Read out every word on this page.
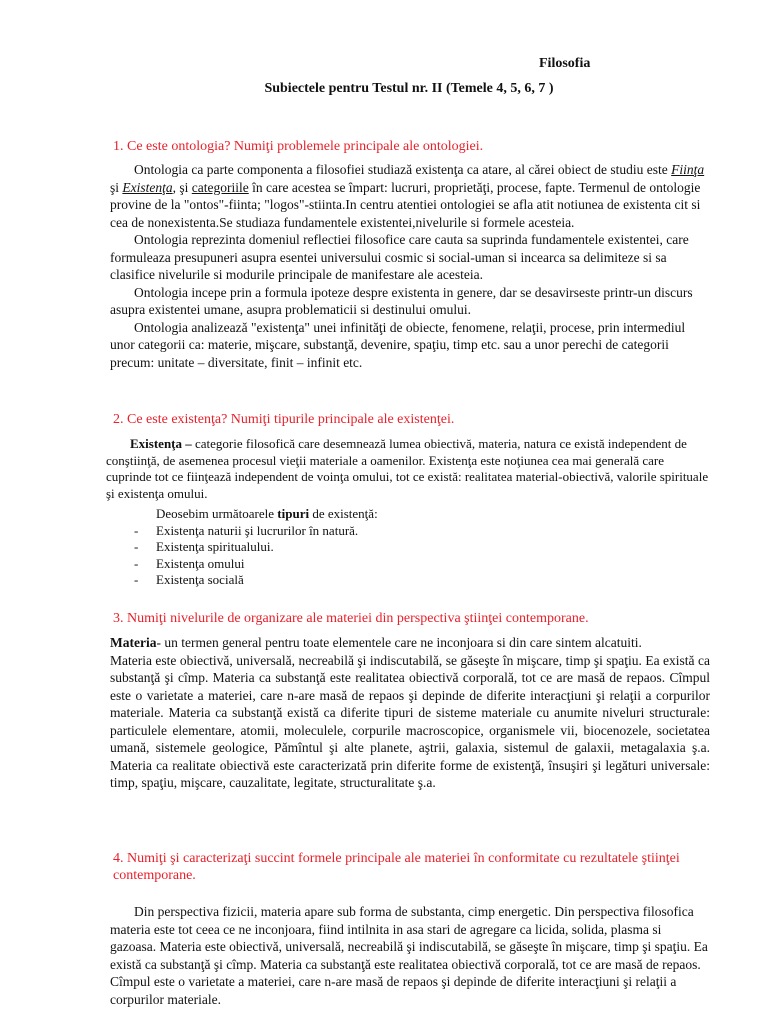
Filosofia
Subiectele pentru Testul nr. II (Temele 4, 5, 6, 7 )
1. Ce este ontologia? Numiţi problemele principale ale ontologiei.

Ontologia ca parte componenta a filosofiei studiază existenţa ca atare, al cărei obiect de studiu este Fiinţa şi Existenţa, şi categoriile în care acestea se împart: lucruri, proprietăţi, procese, fapte. Termenul de ontologie provine de la "ontos"-fiinta; "logos"-stiinta.In centru atentiei ontologiei se afla atit notiunea de existenta cit si cea de nonexistenta.Se studiaza fundamentele existentei,nivelurile si formele acesteia.

Ontologia reprezinta domeniul reflectiei filosofice care cauta sa suprinda fundamentele existentei, care formuleaza presupuneri asupra esentei universului cosmic si social-uman si incearca sa delimiteze si sa clasifice nivelurile si modurile principale de manifestare ale acesteia.

Ontologia incepe prin a formula ipoteze despre existenta in genere, dar se desavirseste printr-un discurs asupra existentei umane, asupra problematicii si destinului omului.

Ontologia analizează "existenţa" unei infinităţi de obiecte, fenomene, relaţii, procese, prin intermediul unor categorii ca: materie, mişcare, substanţă, devenire, spaţiu, timp etc. sau a unor perechi de categorii precum: unitate – diversitate, finit – infinit etc.

2. Ce este existenţa? Numiţi tipurile principale ale existenţei.

Existenţa – categorie filosofică care desemnează lumea obiectivă, materia, natura ce există independent de conştiinţă, de asemenea procesul vieţii materiale a oamenilor. Existenţa este noţiunea cea mai generală care cuprinde tot ce fiinţează independent de voinţa omului, tot ce există: realitatea material-obiectivă, valorile spirituale şi existenţa omului.

Deosebim următoarele tipuri de existenţă:

- Existenţa naturii şi lucrurilor în natură.
- Existenţa spiritualului.
- Existenţa omului
- Existenţa socială
3. Numiţi nivelurile de organizare ale materiei din perspectiva ştiinţei contemporane.

Materia- un termen general pentru toate elementele care ne inconjoara si din care sintem alcatuiti.

Materia este obiectivă, universală, necreabilă şi indiscutabilă, se găseşte în mişcare, timp şi spaţiu. Ea există ca substanţă şi cîmp. Materia ca substanţă este realitatea obiectivă corporală, tot ce are masă de repaos. Cîmpul este o varietate a materiei, care n-are masă de repaos şi depinde de diferite interacţiuni şi relaţii a corpurilor materiale. Materia ca substanţă există ca diferite tipuri de sisteme materiale cu anumite niveluri structurale: particulele elementare, atomii, moleculele, corpurile macroscopice, organismele vii, biocenozele, societatea umană, sistemele geologice, Pămîntul şi alte planete, aştrii, galaxia, sistemul de galaxii, metagalaxia ş.a. Materia ca realitate obiectivă este caracterizată prin diferite forme de existenţă, însuşiri şi legături universale: timp, spaţiu, mişcare, cauzalitate, legitate, structuralitate ş.a.

4. Numiţi şi caracterizaţi succint formele principale ale materiei în conformitate cu rezultatele ştiinţei contemporane.

Din perspectiva fizicii, materia apare sub forma de substanta, cimp energetic. Din perspectiva filosofica materia este tot ceea ce ne inconjoara, fiind intilnita in asa stari de agregare ca licida, solida, plasma si gazoasa. Materia este obiectivă, universală, necreabilă şi indiscutabilă, se găseşte în mişcare, timp şi spaţiu. Ea există ca substanţă şi cîmp. Materia ca substanţă este realitatea obiectivă corporală, tot ce are masă de repaos. Cîmpul este o varietate a materiei, care n-are masă de repaos şi depinde de diferite interacţiuni şi relaţii a corpurilor materiale.
